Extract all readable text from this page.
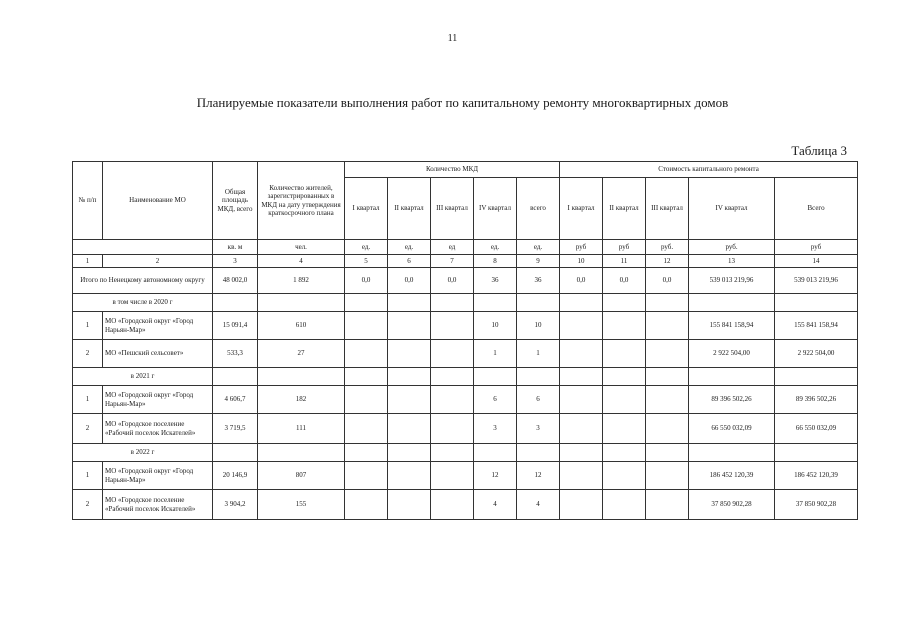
11
Планируемые показатели выполнения работ по капитальному ремонту многоквартирных домов
Таблица 3
№ п/п	Наименование МО	Общая площадь МКД, всего	Количество жителей, зарегистрированных в МКД на дату утверждения краткосрочного плана	Количество МКД					Стоимость капитального ремонта				
				I квартал	II квартал	III квартал	IV квартал	всего	I квартал	II квартал	III квартал	IV квартал	Всего
		кв. м	чел.	ед.	ед.	ед	ед.	ед.	руб	руб	руб.	руб.	руб
1	2	3	4	5	6	7	8	9	10	11	12	13	14
Итого по Ненецкому автономному округу		48 002,0	1 892	0,0	0,0	0,0	36	36	0,0	0,0	0,0	539 013 219,96	539 013 219,96
в том числе в 2020 г													
1	МО «Городской округ «Город Нарьян-Мар»	15 091,4	610				10	10				155 841 158,94	155 841 158,94
2	МО «Пешский сельсовет»	533,3	27				1	1				2 922 504,00	2 922 504,00
в 2021 г													
1	МО «Городской округ «Город Нарьян-Мар»	4 606,7	182				6	6				89 396 502,26	89 396 502,26
2	МО «Городское поселение «Рабочий поселок Искателей»	3 719,5	111				3	3				66 550 032,09	66 550 032,09
в 2022 г													
1	МО «Городской округ «Город Нарьян-Мар»	20 146,9	807				12	12				186 452 120,39	186 452 120,39
2	МО «Городское поселение «Рабочий поселок Искателей»	3 904,2	155				4	4				37 850 902,28	37 850 902,28
